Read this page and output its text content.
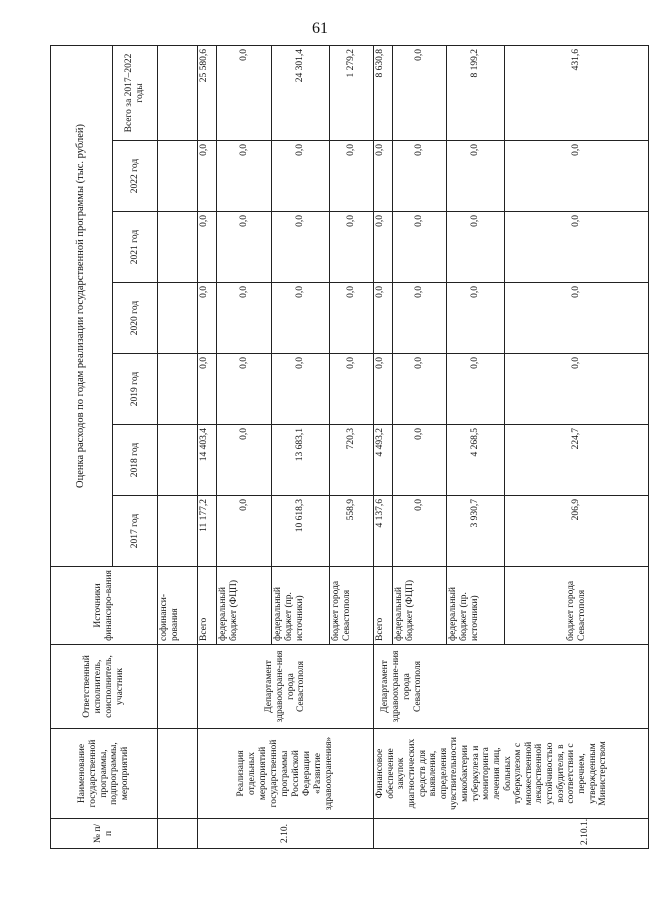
61
№ п/п	Наименование государственной программы, подпрограммы, мероприятий	Ответственный исполнитель, соисполнитель, участник	Источники финансиро-вания	Оценка расходов по годам реализации государственной программы (тыс. рублей)						
				2017 год	2018 год	2019 год	2020 год	2021 год	2022 год	Всего за 2017–2022 годы
			софинанси-рования							
2.10.	Реализация отдельных мероприятий государственной программы Российской Федерации «Развитие здравоохранения»	Департамент здравоохране-ния города Севастополя	Всего	11 177,2	14 403,4	0,0	0,0	0,0	0,0	25 580,6
			федеральный бюджет (ФЦП)	0,0	0,0	0,0	0,0	0,0	0,0	0,0
			федеральный бюджет (пр. источники)	10 618,3	13 683,1	0,0	0,0	0,0	0,0	24 301,4
			бюджет города Севастополя	558,9	720,3	0,0	0,0	0,0	0,0	1 279,2
2.10.1.	Финансовое обеспечение закупок диагностических средств для выявления, определения чувствительности микобактерии туберкулеза и мониторинга лечения лиц, больных туберкулезом с множественной лекарственной устойчивостью возбудителя, в соответствии с перечнем, утвержденным Министерством	Департамент здравоохране-ния города Севастополя	Всего	4 137,6	4 493,2	0,0	0,0	0,0	0,0	8 630,8
			федеральный бюджет (ФЦП)	0,0	0,0	0,0	0,0	0,0	0,0	0,0
			федеральный бюджет (пр. источники)	3 930,7	4 268,5	0,0	0,0	0,0	0,0	8 199,2
			бюджет города Севастополя	206,9	224,7	0,0	0,0	0,0	0,0	431,6
